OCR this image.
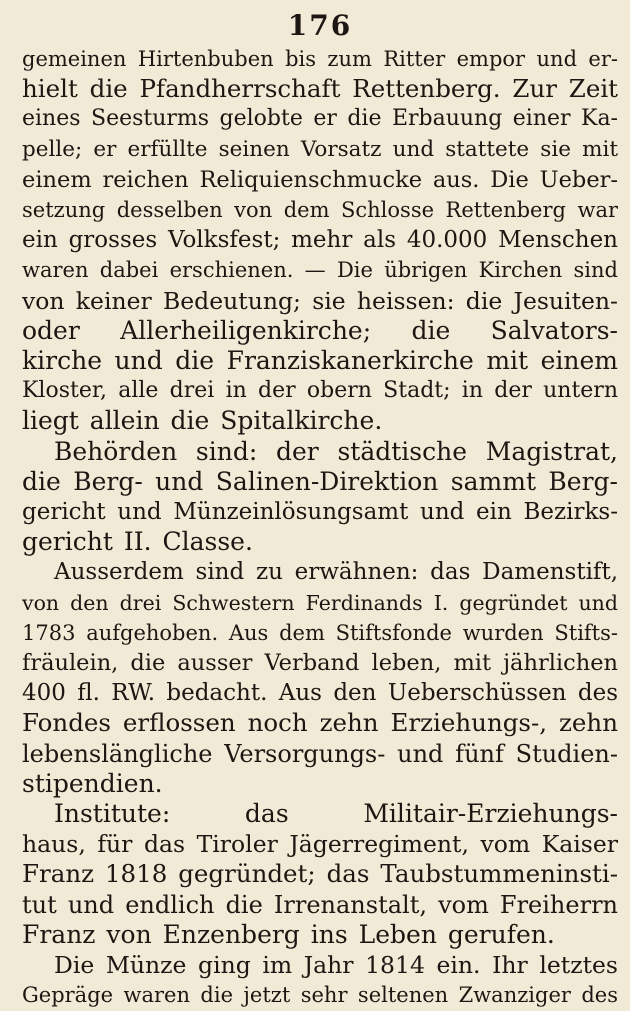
176
gemeinen Hirtenbuben bis zum Ritter empor und er-
hielt die Pfandherrschaft Rettenberg. Zur Zeit
eines Seesturms gelobte er die Erbauung einer Ka-
pelle; er erfüllte seinen Vorsatz und stattete sie mit
einem reichen Reliquienschmucke aus. Die Ueber-
setzung desselben von dem Schlosse Rettenberg war
ein grosses Volksfest; mehr als 40.000 Menschen
waren dabei erschienen. — Die übrigen Kirchen sind
von keiner Bedeutung; sie heissen: die Jesuiten-
oder Allerheiligenkirche; die Salvators-
kirche und die Franziskanerkirche mit einem
Kloster, alle drei in der obern Stadt; in der untern
liegt allein die Spitalkirche.
Behörden sind: der städtische Magistrat,
die Berg- und Salinen-Direktion sammt Berg-
gericht und Münzeinlösungsamt und ein Bezirks-
gericht II. Classe.
Ausserdem sind zu erwähnen: das Damenstift,
von den drei Schwestern Ferdinands I. gegründet und
1783 aufgehoben. Aus dem Stiftsfonde wurden Stifts-
fräulein, die ausser Verband leben, mit jährlichen
400 fl. RW. bedacht. Aus den Ueberschüssen des
Fondes erflossen noch zehn Erziehungs-, zehn
lebenslängliche Versorgungs- und fünf Studien-
stipendien.
Institute: das Militair-Erziehungs-
haus, für das Tiroler Jägerregiment, vom Kaiser
Franz 1818 gegründet; das Taubstummeninsti-
tut und endlich die Irrenanstalt, vom Freiherrn
Franz von Enzenberg ins Leben gerufen.
Die Münze ging im Jahr 1814 ein. Ihr letztes
Gepräge waren die jetzt sehr seltenen Zwanziger des
